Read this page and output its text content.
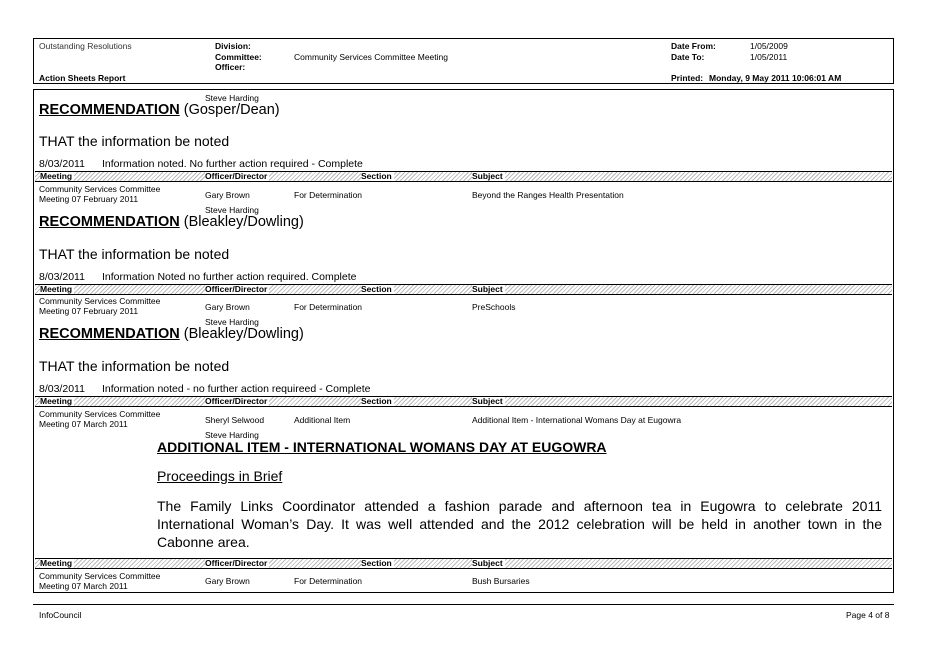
Outstanding Resolutions
Action Sheets Report
Division:
Committee:	Community Services Committee Meeting
Officer:
Date From:	1/05/2009
Date To:	1/05/2011
Printed: Monday, 9 May 2011 10:06:01 AM
Steve Harding
RECOMMENDATION (Gosper/Dean)
THAT the information be noted
8/03/2011 Information noted. No further action required - Complete
Meeting	Officer/Director	Section	Subject
Community Services Committee
Meeting 07 February 2011	Gary Brown	For Determination	Beyond the Ranges Health Presentation
Steve Harding
RECOMMENDATION (Bleakley/Dowling)
THAT the information be noted
8/03/2011 Information Noted no further action required. Complete
Meeting	Officer/Director	Section	Subject
Community Services Committee
Meeting 07 February 2011	Gary Brown	For Determination	PreSchools
Steve Harding
RECOMMENDATION (Bleakley/Dowling)
THAT the information be noted
8/03/2011 Information noted - no further action requireed - Complete
Meeting	Officer/Director	Section	Subject
Community Services Committee
Meeting 07 March 2011	Sheryl Selwood	Additional Item	Additional Item - International Womans Day at Eugowra
Steve Harding
ADDITIONAL ITEM - INTERNATIONAL WOMANS DAY AT EUGOWRA
Proceedings in Brief
The Family Links Coordinator attended a fashion parade and afternoon tea in Eugowra to celebrate 2011 International Woman’s Day. It was well attended and the 2012 celebration will be held in another town in the Cabonne area.
Meeting	Officer/Director	Section	Subject
Community Services Committee
Meeting 07 March 2011	Gary Brown	For Determination	Bush Bursaries
InfoCouncil	Page 4 of 8
